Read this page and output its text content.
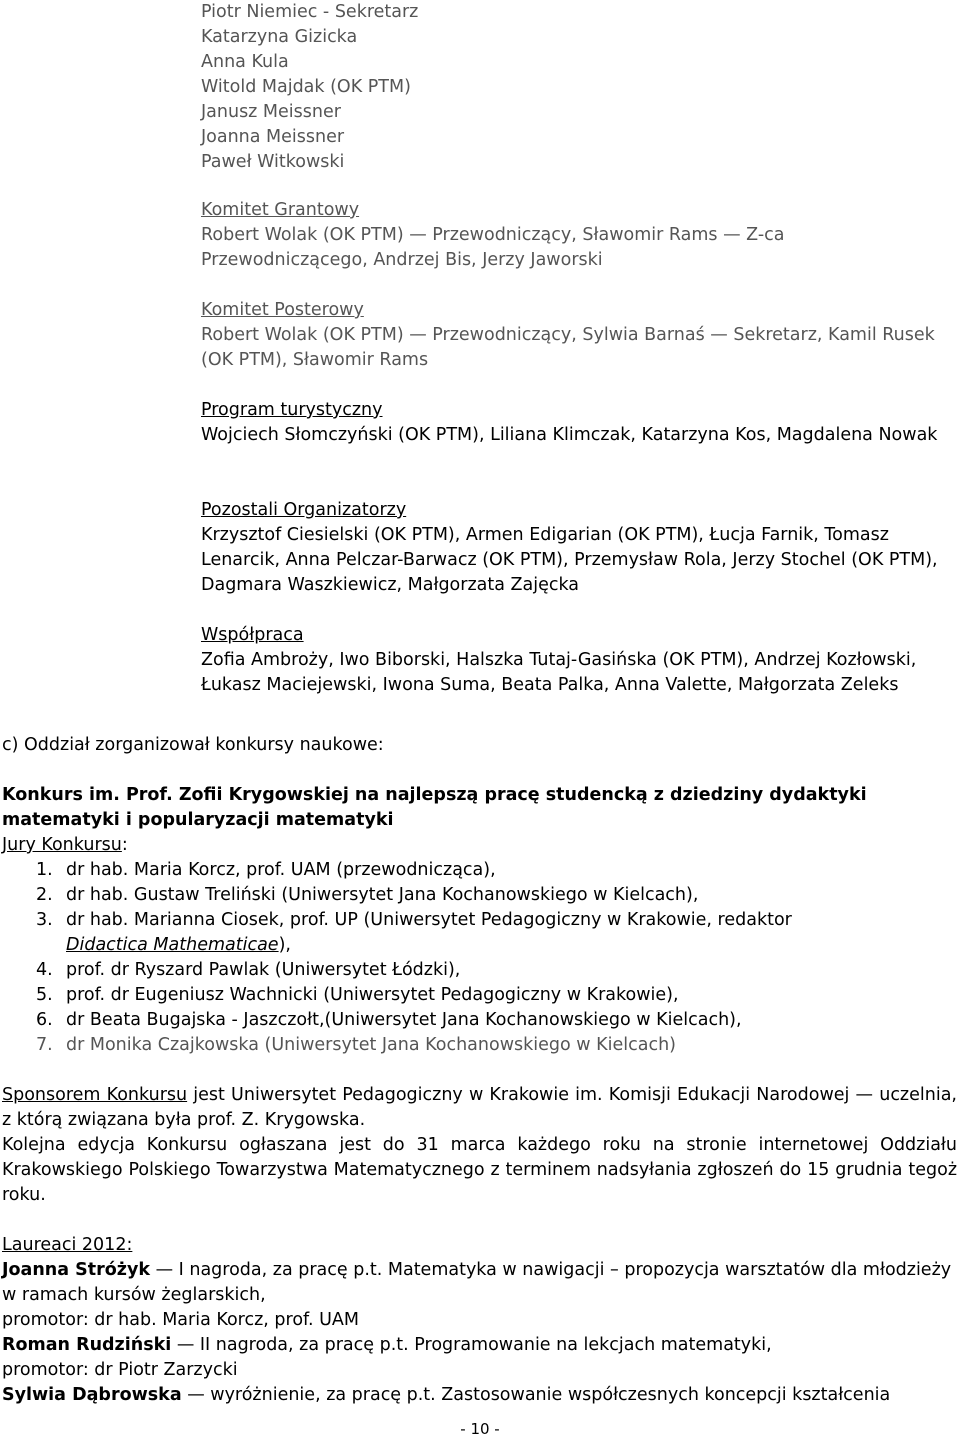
Piotr Niemiec - Sekretarz
Katarzyna Gizicka
Anna Kula
Witold Majdak (OK PTM)
Janusz Meissner
Joanna Meissner
Paweł Witkowski
Komitet Grantowy
Robert Wolak (OK PTM) — Przewodniczący, Sławomir Rams — Z-ca Przewodniczącego, Andrzej Bis, Jerzy Jaworski
Komitet Posterowy
Robert Wolak (OK PTM) — Przewodniczący, Sylwia Barnaś — Sekretarz, Kamil Rusek (OK PTM), Sławomir Rams
Program turystyczny
Wojciech Słomczyński (OK PTM), Liliana Klimczak, Katarzyna Kos, Magdalena Nowak
Pozostali Organizatorzy
Krzysztof Ciesielski (OK PTM), Armen Edigarian (OK PTM), Łucja Farnik, Tomasz Lenarcik, Anna Pelczar-Barwacz (OK PTM), Przemysław Rola, Jerzy Stochel (OK PTM), Dagmara Waszkiewicz, Małgorzata Zajęcka
Współpraca
Zofia Ambroży, Iwo Biborski, Halszka Tutaj-Gasińska (OK PTM), Andrzej Kozłowski, Łukasz Maciejewski, Iwona Suma, Beata Palka, Anna Valette, Małgorzata Zeleks
c) Oddział zorganizował konkursy naukowe:
Konkurs im. Prof. Zofii Krygowskiej na najlepszą pracę studencką z dziedziny dydaktyki matematyki i popularyzacji matematyki
Jury Konkursu:
1. dr hab. Maria Korcz, prof. UAM (przewodnicząca),
2. dr hab. Gustaw Treliński (Uniwersytet Jana Kochanowskiego w Kielcach),
3. dr hab. Marianna Ciosek, prof. UP (Uniwersytet Pedagogiczny w Krakowie, redaktor Didactica Mathematicae),
4. prof. dr Ryszard Pawlak (Uniwersytet Łódzki),
5. prof. dr Eugeniusz Wachnicki (Uniwersytet Pedagogiczny w Krakowie),
6. dr Beata Bugajska - Jaszczołt,(Uniwersytet Jana Kochanowskiego w Kielcach),
7. dr Monika Czajkowska (Uniwersytet Jana Kochanowskiego w Kielcach)
Sponsorem Konkursu jest Uniwersytet Pedagogiczny w Krakowie im. Komisji Edukacji Narodowej — uczelnia, z którą związana była prof. Z. Krygowska.
Kolejna edycja Konkursu ogłaszana jest do 31 marca każdego roku na stronie internetowej Oddziału Krakowskiego Polskiego Towarzystwa Matematycznego z terminem nadsyłania zgłoszeń do 15 grudnia tegoż roku.
Laureaci 2012:
Joanna Stróżyk — I nagroda, za pracę p.t. Matematyka w nawigacji – propozycja warsztatów dla młodzieży w ramach kursów żeglarskich,
promotor: dr hab. Maria Korcz, prof. UAM
Roman Rudziński — II nagroda, za pracę p.t. Programowanie na lekcjach matematyki,
promotor: dr Piotr Zarzycki
Sylwia Dąbrowska — wyróżnienie, za pracę p.t. Zastosowanie współczesnych koncepcji kształcenia
- 10 -
